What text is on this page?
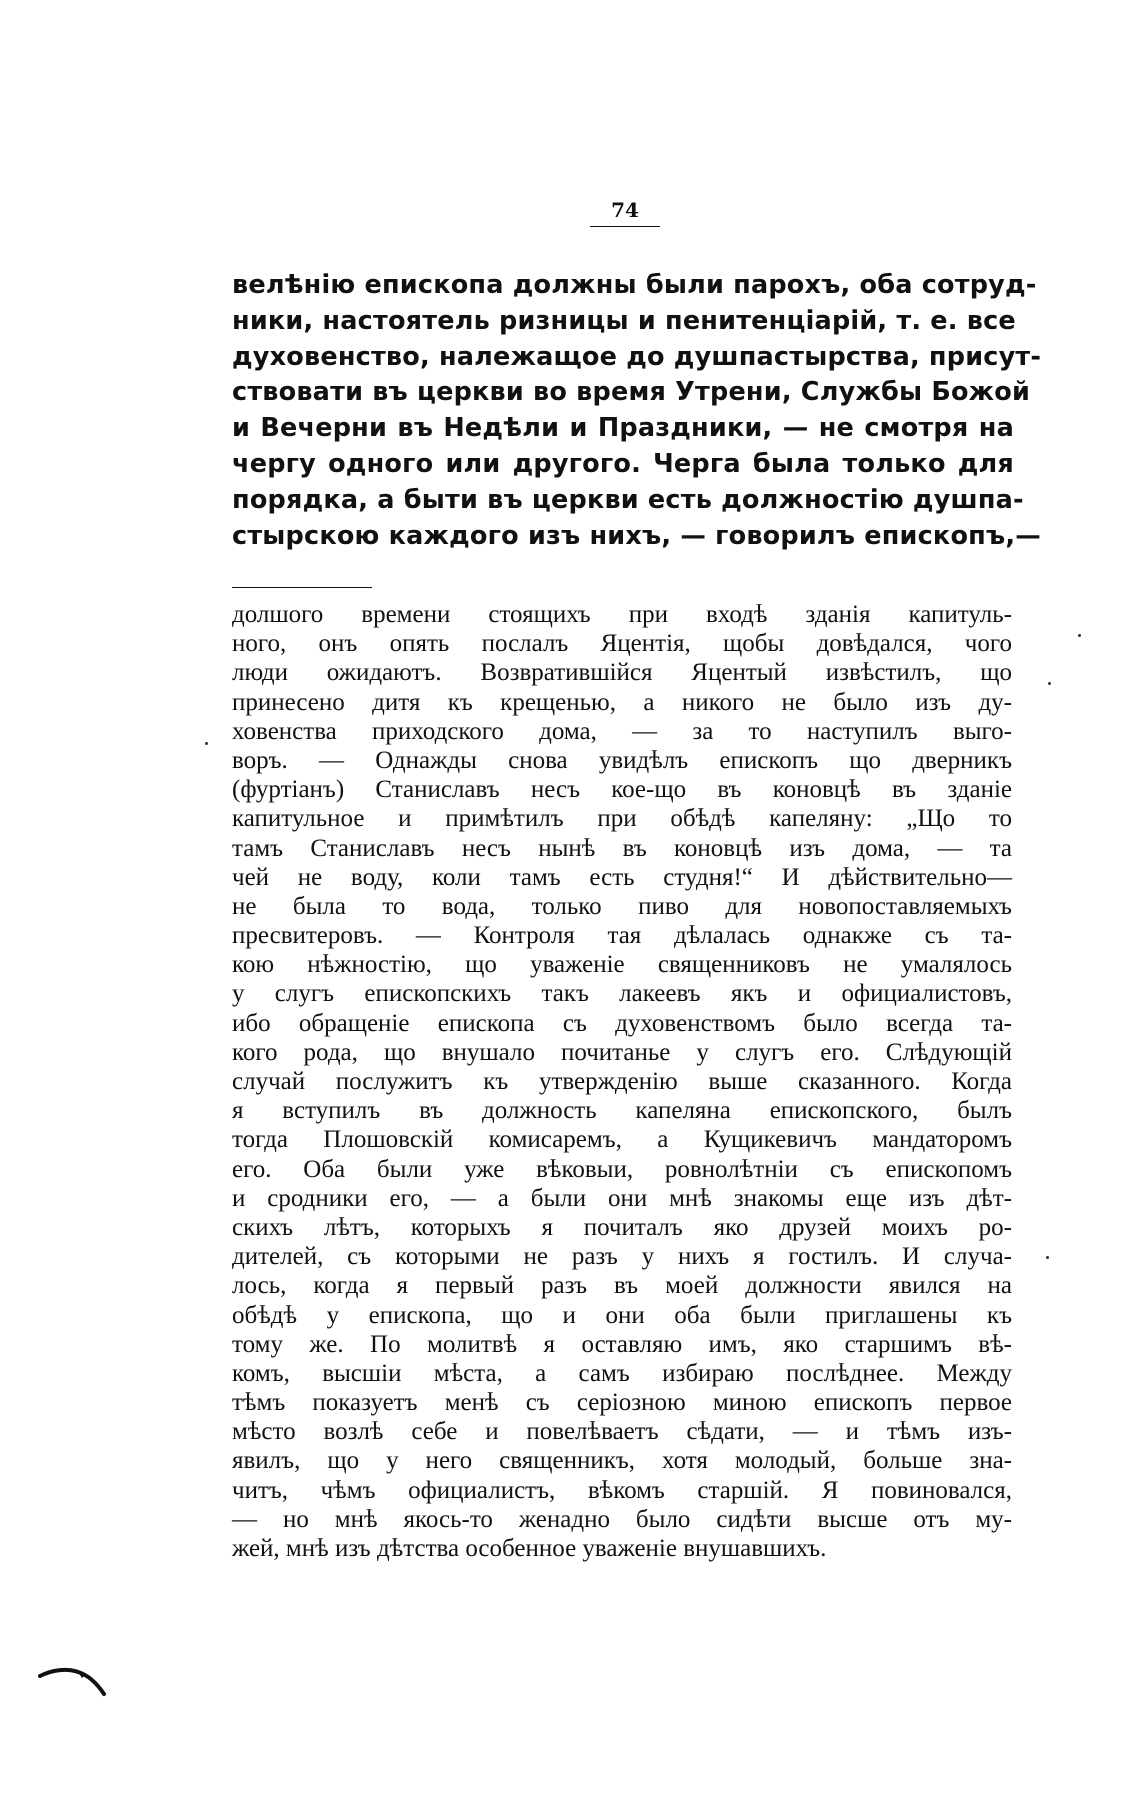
74
велѣнію епископа должны были парохъ, оба сотруд-
ники, настоятель ризницы и пенитенціарій, т. е. все
духовенство, належащое до душпастырства, присут-
ствовати въ церкви во время Утрени, Службы Божой
и Вечерни въ Недѣли и Праздники, — не смотря на
чергу одного или другого. Черга была только для
порядка, а быти въ церкви есть должностію душпа-
стырскою каждого изъ нихъ, — говорилъ епископъ,—
долшого времени стоящихъ при входѣ зданія капитуль-
ного, онъ опять послалъ Яцентія, щобы довѣдался, чого
люди ожидаютъ. Возвратившійся Яцентый извѣстилъ, що
принесено дитя къ крещенью, а никого не было изъ ду-
ховенства приходского дома, — за то наступилъ выго-
воръ. — Однажды снова увидѣлъ епископъ що дверникъ
(фуртіанъ) Станиславъ несъ кое-що въ коновцѣ въ зданіе
капитульное и примѣтилъ при обѣдѣ капеляну: „Що то
тамъ Станиславъ несъ нынѣ въ коновцѣ изъ дома, — та
чей не воду, коли тамъ есть студня!“ И дѣйствительно—
не была то вода, только пиво для новопоставляемыхъ
пресвитеровъ. — Контроля тая дѣлалась однакже съ та-
кою нѣжностію, що уваженіе священниковъ не умалялось
у слугъ епископскихъ такъ лакеевъ якъ и официалистовъ,
ибо обращеніе епископа съ духовенствомъ было всегда та-
кого рода, що внушало почитанье у слугъ его. Слѣдующій
случай послужитъ къ утвержденію выше сказанного. Когда
я вступилъ въ должность капеляна епископского, былъ
тогда Плошовскій комисаремъ, а Кущикевичъ мандаторомъ
его. Оба были уже вѣковыи, ровнолѣтніи съ епископомъ
и сродники его, — а были они мнѣ знакомы еще изъ дѣт-
скихъ лѣтъ, которыхъ я почиталъ яко друзей моихъ ро-
дителей, съ которыми не разъ у нихъ я гостилъ. И случа-
лось, когда я первый разъ въ моей должности явился на
обѣдѣ у епископа, що и они оба были приглашены къ
тому же. По молитвѣ я оставляю имъ, яко старшимъ вѣ-
комъ, высшіи мѣста, а самъ избираю послѣднее. Между
тѣмъ показуетъ менѣ съ серіозною миною епископъ первое
мѣсто возлѣ себе и повелѣваетъ сѣдати, — и тѣмъ изъ-
явилъ, що у него священникъ, хотя молодый, больше зна-
читъ, чѣмъ официалистъ, вѣкомъ старшій. Я повиновался,
— но мнѣ якось-то женадно было сидѣти высше отъ му-
жей, мнѣ изъ дѣтства особенное уваженіе внушавшихъ.
